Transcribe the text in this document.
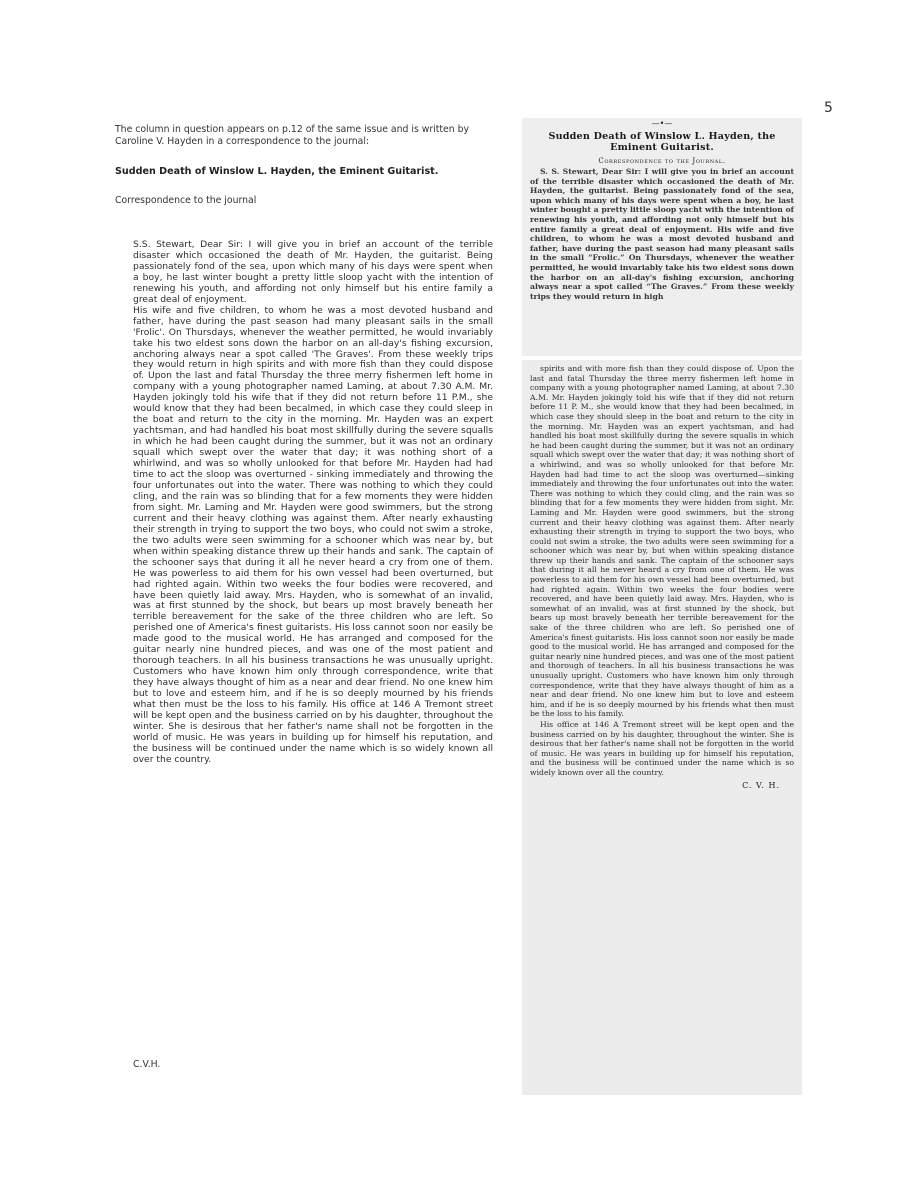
5

The column in question appears on p.12 of the same issue and is written by Caroline V. Hayden in a correspondence to the journal:

Sudden Death of Winslow L. Hayden, the Eminent Guitarist.

Correspondence to the journal

S.S. Stewart, Dear Sir: I will give you in brief an account of the terrible disaster which occasioned the death of Mr. Hayden, the guitarist. Being passionately fond of the sea, upon which many of his days were spent when a boy, he last winter bought a pretty little sloop yacht with the intention of renewing his youth, and affording not only himself but his entire family a great deal of enjoyment.

His wife and five children, to whom he was a most devoted husband and father, have during the past season had many pleasant sails in the small 'Frolic'. On Thursdays, whenever the weather permitted, he would invariably take his two eldest sons down the harbor on an all-day's fishing excursion, anchoring always near a spot called 'The Graves'. From these weekly trips they would return in high spirits and with more fish than they could dispose of. Upon the last and fatal Thursday the three merry fishermen left home in company with a young photographer named Laming, at about 7.30 A.M. Mr. Hayden jokingly told his wife that if they did not return before 11 P.M., she would know that they had been becalmed, in which case they could sleep in the boat and return to the city in the morning. Mr. Hayden was an expert yachtsman, and had handled his boat most skillfully during the severe squalls in which he had been caught during the summer, but it was not an ordinary squall which swept over the water that day; it was nothing short of a whirlwind, and was so wholly unlooked for that before Mr. Hayden had had time to act the sloop was overturned - sinking immediately and throwing the four unfortunates out into the water. There was nothing to which they could cling, and the rain was so blinding that for a few moments they were hidden from sight. Mr. Laming and Mr. Hayden were good swimmers, but the strong current and their heavy clothing was against them. After nearly exhausting their strength in trying to support the two boys, who could not swim a stroke, the two adults were seen swimming for a schooner which was near by, but when within speaking distance threw up their hands and sank. The captain of the schooner says that during it all he never heard a cry from one of them. He was powerless to aid them for his own vessel had been overturned, but had righted again. Within two weeks the four bodies were recovered, and have been quietly laid away. Mrs. Hayden, who is somewhat of an invalid, was at first stunned by the shock, but bears up most bravely beneath her terrible bereavement for the sake of the three children who are left. So perished one of America's finest guitarists. His loss cannot soon nor easily be made good to the musical world. He has arranged and composed for the guitar nearly nine hundred pieces, and was one of the most patient and thorough teachers. In all his business transactions he was unusually upright. Customers who have known him only through correspondence, write that they have always thought of him as a near and dear friend. No one knew him but to love and esteem him, and if he is so deeply mourned by his friends what then must be the loss to his family. His office at 146 A Tremont street will be kept open and the business carried on by his daughter, throughout the winter. She is desirous that her father's name shall not be forgotten in the world of music. He was years in building up for himself his reputation, and the business will be continued under the name which is so widely known all over the country.

C.V.H.
—•—
Sudden Death of Winslow L. Hayden, the Eminent Guitarist.
Correspondence to the Journal.

S. S. Stewart, Dear Sir: I will give you in brief an account of the terrible disaster which occasioned the death of Mr. Hayden, the guitarist. Being passionately fond of the sea, upon which many of his days were spent when a boy, he last winter bought a pretty little sloop yacht with the intention of renewing his youth, and affording not only himself but his entire family a great deal of enjoyment. His wife and five children, to whom he was a most devoted husband and father, have during the past season had many pleasant sails in the small “Frolic.” On Thursdays, whenever the weather permitted, he would invariably take his two eldest sons down the harbor on an all-day's fishing excursion, anchoring always near a spot called “The Graves.” From these weekly trips they would return in high

spirits and with more fish than they could dispose of. Upon the last and fatal Thursday the three merry fishermen left home in company with a young photographer named Laming, at about 7.30 A.M. Mr. Hayden jokingly told his wife that if they did not return before 11 P. M., she would know that they had been becalmed, in which case they should sleep in the boat and return to the city in the morning. Mr. Hayden was an expert yachtsman, and had handled his boat most skillfully during the severe squalls in which he had been caught during the summer, but it was not an ordinary squall which swept over the water that day; it was nothing short of a whirlwind, and was so wholly unlooked for that before Mr. Hayden had had time to act the sloop was overturned—sinking immediately and throwing the four unfortunates out into the water. There was nothing to which they could cling, and the rain was so blinding that for a few moments they were hidden from sight. Mr. Laming and Mr. Hayden were good swimmers, but the strong current and their heavy clothing was against them. After nearly exhausting their strength in trying to support the two boys, who could not swim a stroke, the two adults were seen swimming for a schooner which was near by, but when within speaking distance threw up their hands and sank. The captain of the schooner says that during it all he never heard a cry from one of them. He was powerless to aid them for his own vessel had been overturned, but had righted again. Within two weeks the four bodies were recovered, and have been quietly laid away. Mrs. Hayden, who is somewhat of an invalid, was at first stunned by the shock, but bears up most bravely beneath her terrible bereavement for the sake of the three children who are left. So perished one of America's finest guitarists. His loss cannot soon nor easily be made good to the musical world. He has arranged and composed for the guitar nearly nine hundred pieces, and was one of the most patient and thorough of teachers. In all his business transactions he was unusually upright. Customers who have known him only through correspondence, write that they have always thought of him as a near and dear friend. No one knew him but to love and esteem him, and if he is so deeply mourned by his friends what then must be the loss to his family.

His office at 146 A Tremont street will be kept open and the business carried on by his daughter, throughout the winter. She is desirous that her father's name shall not be forgotten in the world of music. He was years in building up for himself his reputation, and the business will be continued under the name which is so widely known over all the country.

C. V. H.
